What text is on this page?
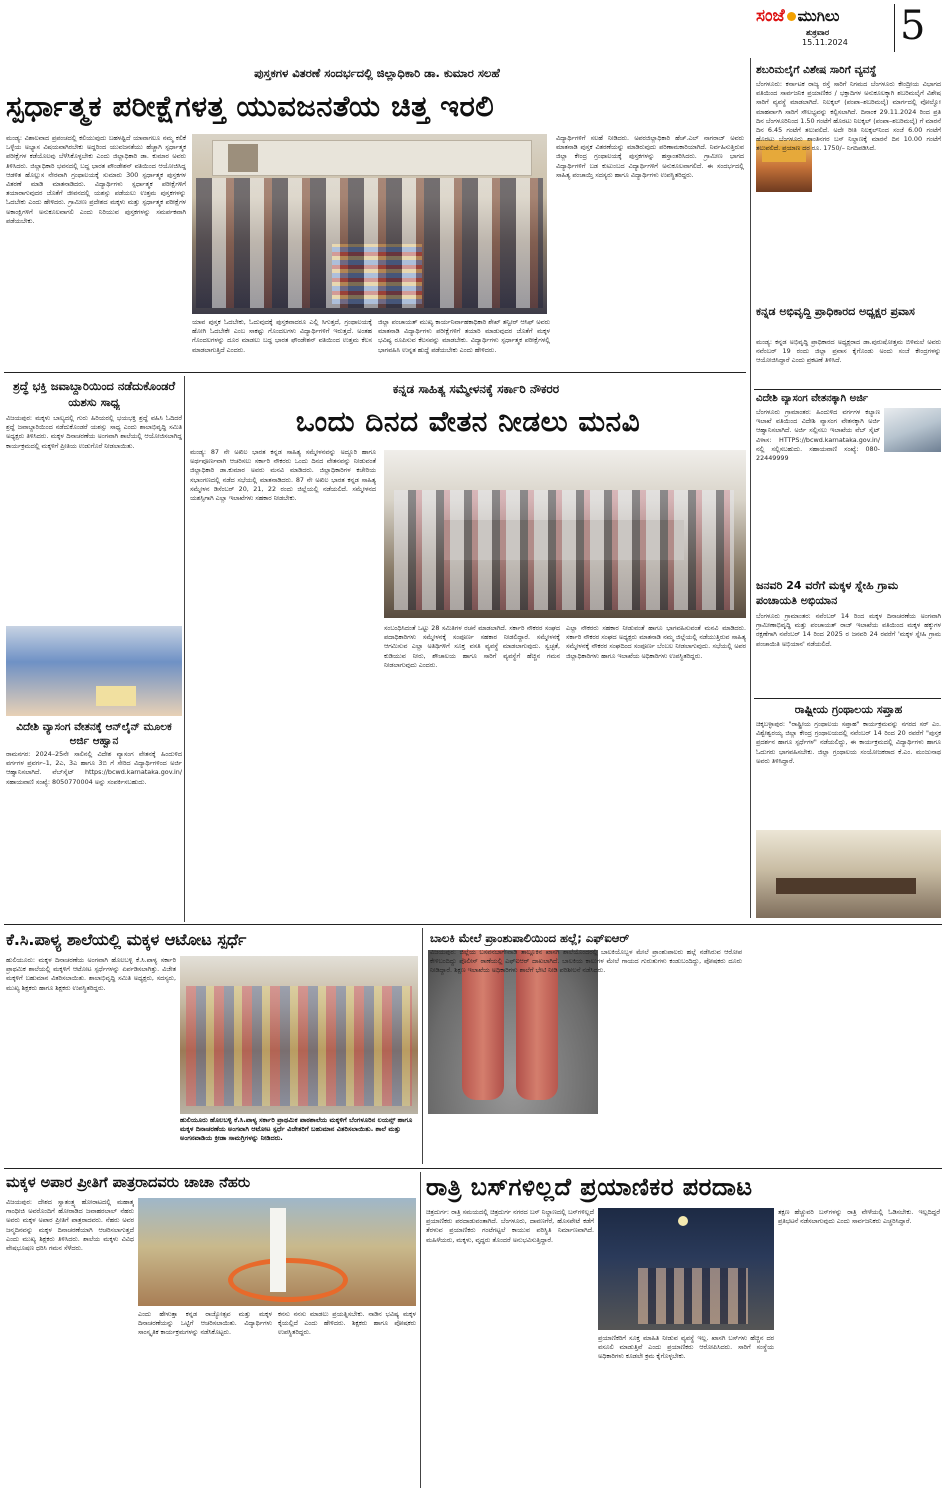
ಸಂಜೆ ಮುಗಿಲು
ಶುಕ್ರವಾರ
15.11.2024 5
ಪುಸ್ತಕಗಳ ವಿತರಣೆ ಸಂದರ್ಭದಲ್ಲಿ ಜಿಲ್ಲಾಧಿಕಾರಿ ಡಾ. ಕುಮಾರ ಸಲಹೆ
ಸ್ಪರ್ಧಾತ್ಮಕ ಪರೀಕ್ಷೆಗಳತ್ತ ಯುವಜನತೆಯ ಚಿತ್ತ ಇರಲಿ
ಮಂಡ್ಯ: ವಿಶಾಲವಾದ ಪ್ರಪಂಚದಲ್ಲಿ ಕಲಿಯುವುದು ಬಹಳಷ್ಟಿದೆ ಯಾವಾಗಲೂ ನಮ್ಮ ಕಲಿಕೆ ಒಳ್ಳೆಯ ಅಭ್ಯಾಸ ವಿಷಯವಾಗಿರಬೇಕು ಅದ್ದರಿಂದ ಯುವಜನತೆಯು ಹೆಚ್ಚಾಗಿ ಸ್ಪರ್ಧಾತ್ಮಕ ಪರೀಕ್ಷೆಗಳ ಕಡೆಯೊಲವು ಬೆಳೆಸಿಕೊಳ್ಳಬೇಕು ಎಂದು ಜಿಲ್ಲಾಧಿಕಾರಿ ಡಾ. ಕುಮಾರ ಅವರು ತಿಳಿಸಿದರು. ಜಿಲ್ಲಾಧಿಕಾರಿ ಭವನದಲ್ಲಿ ಬದ್ಧ ಭಾರತ ಪೌಂಡೇಶನ್ ವತಿಯಿಂದ ಆಯೋಜಿಸಿದ್ದ ಆಡಳಿತ ಹೊಲ್ಲುಸ ನೇರವಾಗಿ ಗ್ರಂಥಾಲಯಕ್ಕೆ ಸುಮಾರು 300 ಸ್ಪರ್ಧಾತ್ಮಕ ಪುಸ್ತಕಗಳ ವಿತರಣೆ ಮಾಡಿ ಮಾತನಾಡಿದರು. ವಿದ್ಯಾರ್ಥಿಗಳು ಸ್ಪರ್ಧಾತ್ಮಕ ಪರೀಕ್ಷೆಗಳಿಗೆ ತಯಾರಾಗುವುದರ ಜೊತೆಗೆ ಜೀವನದಲ್ಲಿ ಯಶಸ್ಸು ಪಡೆಯಲು ಉತ್ತಮ ಪುಸ್ತಕಗಳನ್ನು ಓದಬೇಕು ಎಂದು ಹೇಳಿದರು. ಗ್ರಾಮೀಣ ಪ್ರದೇಶದ ಮಕ್ಕಳು ಮತ್ತು ಸ್ಪರ್ಧಾತ್ಮಕ ಪರೀಕ್ಷೆಗಳ ಅಕಾಂಕ್ಷಿಗಳಿಗೆ ಅನುಕೂಲವಾಗಲಿ ಎಂದು ನಿರಿಯುವ ಪುಸ್ತಕಗಳನ್ನು ಸಮರ್ಪಕವಾಗಿ ಪಡೆಯಬೇಕು.
ಯಾವ ಪುಸ್ತಕ ಓದಬೇಕು, ಓದುವುದಕ್ಕೆ ಪುಸ್ತಕವಾದರೂ ಎಲ್ಲಿ ಸಿಗುತ್ತದೆ, ಗ್ರಂಥಾಲಯಕ್ಕೆ ಹೋಗಿ ಓದಬೇಕೇ ಎಂಬ ಸಾಕಷ್ಟು ಗೊಂದಲಗಳು ವಿದ್ಯಾರ್ಥಿಗಳಿಗೆ ಇರುತ್ತದೆ. ಅಂತಹ ಗೊಂದಲಗಳನ್ನು ದೂರ ಮಾಡಲು ಬದ್ಧ ಭಾರತ ಫೌಂಡೇಶನ್ ವತಿಯಿಂದ ಉತ್ತಮ ಕೆಲಸ ಮಾಡಲಾಗುತ್ತಿದೆ ಎಂದರು.
ಜಿಲ್ಲಾ ಪಂಚಾಯತ್ ಮುಖ್ಯ ಕಾರ್ಯನಿರ್ವಾಹಕಾಧಿಕಾರಿ ಶೇಖ್ ತನ್ವೀರ್ ಆಸಿಫ್ ಅವರು ಮಾತನಾಡಿ ವಿದ್ಯಾರ್ಥಿಗಳು ಪರೀಕ್ಷೆಗಳಿಗೆ ತಯಾರಿ ಮಾಡುವುದರ ಜೊತೆಗೆ ಮಕ್ಕಳ ಭವಿಷ್ಯ ರೂಪಿಸುವ ಕೆಲಸವನ್ನು ಮಾಡಬೇಕು. ವಿದ್ಯಾರ್ಥಿಗಳು ಸ್ಪರ್ಧಾತ್ಮಕ ಪರೀಕ್ಷೆಗಳಲ್ಲಿ ಭಾಗವಹಿಸಿ ಉನ್ನತ ಹುದ್ದೆ ಪಡೆಯಬೇಕು ಎಂದು ಹೇಳಿದರು.
ವಿದ್ಯಾರ್ಥಿಗಳಿಗೆ ಸಲಹೆ ನೀಡಿದರು. ಅಪರಜಿಲ್ಲಾಧಿಕಾರಿ ಹೆಚ್.ಎಲ್ ನಾಗರಾಜ್ ಅವರು ಮಾತನಾಡಿ ಪುಸ್ತಕ ವಿತರಣೆಯನ್ನು ಮಾಡಿರುವುದು ಪರಿಣಾಮಕಾರಿಯಾಗಿದೆ. ನಿರ್ವಹಿಸುತ್ತಿರುವ ಜಿಲ್ಲಾ ಕೇಂದ್ರ ಗ್ರಂಥಾಲಯಕ್ಕೆ ಪುಸ್ತಕಗಳನ್ನು ಹಸ್ತಾಂತರಿಸಿದರು. ಗ್ರಾಮೀಣ ಭಾಗದ ವಿದ್ಯಾರ್ಥಿಗಳಿಗೆ ಬಡ ಕುಟುಂಬದ ವಿದ್ಯಾರ್ಥಿಗಳಿಗೆ ಅನುಕೂಲವಾಗಲಿದೆ. ಈ ಸಂದರ್ಭದಲ್ಲಿ ಸಾಹಿತ್ಯ ಪಂಚಾಯ್ತಿ ಸದಸ್ಯರು ಹಾಗೂ ವಿದ್ಯಾರ್ಥಿಗಳು ಉಪಸ್ಥಿತರಿದ್ದರು.
ಶಬರಿಮಲೈಗೆ ವಿಶೇಷ ಸಾರಿಗೆ ವ್ಯವಸ್ಥೆ
ಬೆಂಗಳೂರು: ಕರ್ನಾಟಕ ರಾಜ್ಯ ರಸ್ತೆ ಸಾರಿಗೆ ನಿಗಮದ ಬೆಂಗಳೂರು ಕೇಂದ್ರೀಯ ವಿಭಾಗದ ವತಿಯಿಂದ ಸಾರ್ವಜನಿಕ ಪ್ರಯಾಣಿಕರ / ಭಕ್ತಾದಿಗಳ ಅನುಕೂಲಕ್ಕಾಗಿ ಶಬರಿಮಲೈಗೆ ವಿಶೇಷ ಸಾರಿಗೆ ವ್ಯವಸ್ಥೆ ಮಾಡಲಾಗಿದೆ. ನಿಲಕ್ಕಲ್ (ಪಂಪಾ–ಶಬರಿಮಲೈ) ಮಾರ್ಗದಲ್ಲಿ ವೋಲ್ವೋ ಮಾಹರ್ವಾಗಿ ಸಾರಿಗೆ ಸೌಲಭ್ಯವನ್ನು ಕಲ್ಪಿಸಲಾಗಿದೆ. ದಿನಾಂಕ 29.11.2024 ರಿಂದ ಪ್ರತಿ ದಿನ ಬೆಂಗಳೂರಿನಿಂದ 1.50 ಗಂಟೆಗೆ ಹೊರಟು ನಿಲಕ್ಕಲ್ (ಪಂಪಾ–ಶಬರಿಮಲೈ) ಗೆ ಮಾರನೆ ದಿನ 6.45 ಗಂಟೆಗೆ ತಲುಪಲಿದೆ. ಅದೇ ರೀತಿ ನಿಲಕ್ಕಲ್‌ನಿಂದ ಸಂಜೆ 6.00 ಗಂಟೆಗೆ ಹೊರಟು ಬೆಂಗಳೂರು ಶಾಂತಿನಗರ ಬಸ್ ನಿಲ್ದಾಣಕ್ಕೆ ಮಾರನೆ ದಿನ 10.00 ಗಂಟೆಗೆ ತಲುಪಲಿದೆ. ಪ್ರಯಾಣ ದರ ರೂ. 1750/– ನಿಗದಿಪಡಿಸಿದೆ.
ಕನ್ನಡ ಅಭಿವೃದ್ಧಿ ಪ್ರಾಧಿಕಾರದ ಅಧ್ಯಕ್ಷರ ಪ್ರವಾಸ
ಮಂಡ್ಯ: ಕನ್ನಡ ಅಭಿವೃದ್ಧಿ ಪ್ರಾಧಿಕಾರದ ಅಧ್ಯಕ್ಷರಾದ ಡಾ.ಪುರುಷೋತ್ತಮ ಬಿಳಿಮಲೆ ಅವರು ನವೆಂಬರ್ 19 ರಂದು ಜಿಲ್ಲಾ ಪ್ರವಾಸ ಕೈಗೊಂಡು ಅಂದು ಸಂಜೆ ಕೇಂದ್ರಗಳನ್ನು ಆಯೋಜಿಸಿದ್ದಾರೆ ಎಂದು ಪ್ರಕಟಣೆ ತಿಳಿಸಿದೆ.
ವಿದೇಶಿ ವ್ಯಾಸಂಗ ವೇತನಕ್ಕಾಗಿ ಅರ್ಜಿ
ಬೆಂಗಳೂರು ಗ್ರಾಮಾಂತರ: ಹಿಂದುಳಿದ ವರ್ಗಗಳ ಕಲ್ಯಾಣ ಇಲಾಖೆ ವತಿಯಿಂದ ವಿದೇಶಿ ವ್ಯಾಸಂಗ ವೇತನಕ್ಕಾಗಿ ಅರ್ಜಿ ಆಹ್ವಾನಿಸಲಾಗಿದೆ. ಅರ್ಜಿ ಸಲ್ಲಿಸಲು ಇಲಾಖೆಯ ವೆಬ್ ಸೈಟ್ ವಿಳಾಸ: HTTPS://bcwd.karnataka.gov.in/ ನಲ್ಲಿ ಸಲ್ಲಿಸಬಹುದು. ಸಹಾಯವಾಣಿ ಸಂಖ್ಯೆ: 080-22449999
ಜನವರಿ 24 ವರೆಗೆ ಮಕ್ಕಳ ಸ್ನೇಹಿ ಗ್ರಾಮ ಪಂಚಾಯತಿ ಅಭಿಯಾನ
ಬೆಂಗಳೂರು ಗ್ರಾಮಾಂತರ: ನವೆಂಬರ್ 14 ರಿಂದ ಮಕ್ಕಳ ದಿನಾಚರಣೆಯ ಅಂಗವಾಗಿ ಗ್ರಾಮೀಣಾಭಿವೃದ್ಧಿ ಮತ್ತು ಪಂಚಾಯತ್ ರಾಜ್ ಇಲಾಖೆಯ ವತಿಯಿಂದ ಮಕ್ಕಳ ಹಕ್ಕುಗಳ ರಕ್ಷಣೆಗಾಗಿ ನವೆಂಬರ್ 14 ರಿಂದ 2025 ರ ಜನವರಿ 24 ರವರೆಗೆ 'ಮಕ್ಕಳ ಸ್ನೇಹಿ ಗ್ರಾಮ ಪಂಚಾಯಿತಿ ಅಭಿಯಾನ' ನಡೆಯಲಿದೆ.
ರಾಷ್ಟ್ರೀಯ ಗ್ರಂಥಾಲಯ ಸಪ್ತಾಹ
ಚಿಕ್ಕಬಳ್ಳಾಪುರ: "ರಾಷ್ಟ್ರೀಯ ಗ್ರಂಥಾಲಯ ಸಪ್ತಾಹ" ಕಾರ್ಯಕ್ರಮವನ್ನು ನಗರದ ಸರ್ ಎಂ. ವಿಶ್ವೇಶ್ವರಯ್ಯ ಜಿಲ್ಲಾ ಕೇಂದ್ರ ಗ್ರಂಥಾಲಯದಲ್ಲಿ ನವೆಂಬರ್ 14 ರಿಂದ 20 ರವರೆಗೆ "ಪುಸ್ತಕ ಪ್ರದರ್ಶನ ಹಾಗೂ ಸ್ಪರ್ಧೆಗಳ" ನಡೆಯಲಿದ್ದು, ಈ ಕಾರ್ಯಕ್ರಮದಲ್ಲಿ ವಿದ್ಯಾರ್ಥಿಗಳು ಹಾಗೂ ಓದುಗರು ಭಾಗವಹಿಸಬೇಕು. ಜಿಲ್ಲಾ ಗ್ರಂಥಾಲಯ ಸಂಯೋಜಕರಾದ ಕೆ.ಎಂ. ಮಂಜುನಾಥ ಅವರು ತಿಳಿಸಿದ್ದಾರೆ.
ಶ್ರದ್ಧೆ ಭಕ್ತಿ ಜವಾಬ್ದಾರಿಯಿಂದ ನಡೆದುಕೊಂಡರೆ ಯಶಸು ಸಾಧ್ಯ
ವಿಜಯಪುರ: ಮಕ್ಕಳು ಬಾಲ್ಯದಲ್ಲಿ ಗುರು ಹಿರಿಯರಲ್ಲಿ ಭಯಭಕ್ತಿ ಶ್ರದ್ಧೆ ವಹಿಸಿ ಓದಿದರೆ ಶ್ರದ್ಧೆ ಜವಾಬ್ದಾರಿಯಿಂದ ನಡೆದುಕೊಂಡರೆ ಯಶಸ್ಸು ಸಾಧ್ಯ ಎಂದು ಶಾಲಾಭಿವೃದ್ಧಿ ಸಮಿತಿ ಅಧ್ಯಕ್ಷರು ತಿಳಿಸಿದರು. ಮಕ್ಕಳ ದಿನಾಚರಣೆಯ ಅಂಗವಾಗಿ ಶಾಲೆಯಲ್ಲಿ ಆಯೋಜಿಸಲಾಗಿದ್ದ ಕಾರ್ಯಕ್ರಮದಲ್ಲಿ ಮಕ್ಕಳಿಗೆ ಪ್ರೀತಿಯ ಉಡುಗೊರೆ ನೀಡಲಾಯಿತು.
ವಿದೇಶಿ ವ್ಯಾಸಂಗ ವೇತನಕ್ಕೆ ಆನ್‌ಲೈನ್ ಮೂಲಕ ಅರ್ಜಿ ಆಹ್ವಾನ
ರಾಮನಗರ: 2024–25ನೇ ಸಾಲಿನಲ್ಲಿ ವಿದೇಶ ವ್ಯಾಸಂಗ ವೇತನಕ್ಕೆ ಹಿಂದುಳಿದ ವರ್ಗಗಳ ಪ್ರವರ್ಗ–1, 2ಎ, 3ಎ ಹಾಗೂ 3ಬಿ ಗೆ ಸೇರಿದ ವಿದ್ಯಾರ್ಥಿಗಳಿಂದ ಅರ್ಜಿ ಆಹ್ವಾನಿಸಲಾಗಿದೆ. ವೆಬ್‌ಸೈಟ್ https://bcwd.karnataka.gov.in/ ಸಹಾಯವಾಣಿ ಸಂಖ್ಯೆ: 8050770004 ಅನ್ನು ಸಂಪರ್ಕಿಸಬಹುದು.
ಕನ್ನಡ ಸಾಹಿತ್ಯ ಸಮ್ಮೇಳನಕ್ಕೆ ಸರ್ಕಾರಿ ನೌಕರರ
ಒಂದು ದಿನದ ವೇತನ ನೀಡಲು ಮನವಿ
ಮಂಡ್ಯ: 87 ನೇ ಅಖಿಲ ಭಾರತ ಕನ್ನಡ ಸಾಹಿತ್ಯ ಸಮ್ಮೇಳನವನ್ನು ಅದ್ದೂರಿ ಹಾಗೂ ಅರ್ಥಪೂರ್ಣವಾಗಿ ಆಚರಿಸಲು ಸರ್ಕಾರಿ ನೌಕರರು ಒಂದು ದಿನದ ವೇತನವನ್ನು ನೀಡುವಂತೆ ಜಿಲ್ಲಾಧಿಕಾರಿ ಡಾ.ಕುಮಾರ ಅವರು ಮನವಿ ಮಾಡಿದರು. ಜಿಲ್ಲಾಧಿಕಾರಿಗಳ ಕಚೇರಿಯ ಸಭಾಂಗಣದಲ್ಲಿ ನಡೆದ ಸಭೆಯಲ್ಲಿ ಮಾತನಾಡಿದರು. 87 ನೇ ಅಖಿಲ ಭಾರತ ಕನ್ನಡ ಸಾಹಿತ್ಯ ಸಮ್ಮೇಳನ ಡಿಸೆಂಬರ್ 20, 21, 22 ರಂದು ಜಿಲ್ಲೆಯಲ್ಲಿ ನಡೆಯಲಿದೆ. ಸಮ್ಮೇಳನದ ಯಶಸ್ಸಿಗಾಗಿ ಎಲ್ಲಾ ಇಲಾಖೆಗಳು ಸಹಕಾರ ನೀಡಬೇಕು.
ಸಂಬಂಧಿಸಿದಂತೆ ಒಟ್ಟು 28 ಸಮಿತಿಗಳ ರಚನೆ ಮಾಡಲಾಗಿದೆ. ಸರ್ಕಾರಿ ನೌಕರರ ಸಂಘದ ಪದಾಧಿಕಾರಿಗಳು ಸಮ್ಮೇಳನಕ್ಕೆ ಸಂಪೂರ್ಣ ಸಹಕಾರ ನೀಡಲಿದ್ದಾರೆ. ಸಮ್ಮೇಳನಕ್ಕೆ ಆಗಮಿಸುವ ಎಲ್ಲಾ ಅತಿಥಿಗಳಿಗೆ ಸೂಕ್ತ ವಸತಿ ವ್ಯವಸ್ಥೆ ಮಾಡಲಾಗುವುದು. ಸ್ವಚ್ಛತೆ, ಕುಡಿಯುವ ನೀರು, ಶೌಚಾಲಯ ಹಾಗೂ ಸಾರಿಗೆ ವ್ಯವಸ್ಥೆಗೆ ಹೆಚ್ಚಿನ ಗಮನ ನೀಡಲಾಗುವುದು ಎಂದರು.
ಎಲ್ಲಾ ನೌಕರರು ಸಹಕಾರ ನೀಡುವಂತೆ ಹಾಗೂ ಭಾಗವಹಿಸುವಂತೆ ಮನವಿ ಮಾಡಿದರು. ಸರ್ಕಾರಿ ನೌಕರರ ಸಂಘದ ಅಧ್ಯಕ್ಷರು ಮಾತನಾಡಿ ನಮ್ಮ ಜಿಲ್ಲೆಯಲ್ಲಿ ನಡೆಯುತ್ತಿರುವ ಸಾಹಿತ್ಯ ಸಮ್ಮೇಳನಕ್ಕೆ ನೌಕರರ ಸಂಘದಿಂದ ಸಂಪೂರ್ಣ ಬೆಂಬಲ ನೀಡಲಾಗುವುದು. ಸಭೆಯಲ್ಲಿ ಅಪರ ಜಿಲ್ಲಾಧಿಕಾರಿಗಳು ಹಾಗೂ ಇಲಾಖೆಯ ಅಧಿಕಾರಿಗಳು ಉಪಸ್ಥಿತರಿದ್ದರು.
ಕೆ.ಸಿ.ಪಾಳ್ಯ ಶಾಲೆಯಲ್ಲಿ ಮಕ್ಕಳ ಆಟೋಟ ಸ್ಪರ್ಧೆ
ಹುಲಿಯೂರು: ಮಕ್ಕಳ ದಿನಾಚರಣೆಯ ಅಂಗವಾಗಿ ಹೊಲಬಳ್ಳಿ ಕೆ.ಸಿ.ಪಾಳ್ಯ ಸರ್ಕಾರಿ ಪ್ರಾಥಮಿಕ ಶಾಲೆಯಲ್ಲಿ ಮಕ್ಕಳಿಗೆ ಆಟೋಟ ಸ್ಪರ್ಧೆಗಳನ್ನು ಏರ್ಪಡಿಸಲಾಗಿತ್ತು. ವಿಜೇತ ಮಕ್ಕಳಿಗೆ ಬಹುಮಾನ ವಿತರಿಸಲಾಯಿತು. ಶಾಲಾಭಿವೃದ್ಧಿ ಸಮಿತಿ ಅಧ್ಯಕ್ಷರು, ಸದಸ್ಯರು, ಮುಖ್ಯ ಶಿಕ್ಷಕರು ಹಾಗೂ ಶಿಕ್ಷಕರು ಉಪಸ್ಥಿತರಿದ್ದರು.
ಹುಲಿಯೂರು ಹೊಲಬಳ್ಳಿ ಕೆ.ಸಿ.ಪಾಳ್ಯ ಸರ್ಕಾರಿ ಪ್ರಾಥಮಿಕ ಪಾಠಶಾಲೆಯ ಮಕ್ಕಳಿಗೆ ಬೆಂಗಳೂರಿನ ಲಯನ್ಸ್ ಹಾಗೂ ಮಕ್ಕಳ ದಿನಾಚರಣೆಯ ಅಂಗವಾಗಿ ಆಟೋಟ ಸ್ಪರ್ಧೆ ವಿಜೇತರಿಗೆ ಬಹುಮಾನ ವಿತರಿಸಲಾಯಿತು. ಶಾಲೆ ಮತ್ತು ಅಂಗನವಾಡಿಯ ಕ್ರೀಡಾ ಸಾಮಗ್ರಿಗಳನ್ನು ನೀಡಿದರು.
ಬಾಲಕಿ ಮೇಲೆ ಪ್ರಾಂಶುಪಾಲಿಯಿಂದ ಹಲ್ಲೆ; ಎಫ್‌ಐಆರ್
ವಿಜಯಪುರ: ಜಿಲ್ಲೆಯ ಬಸವನಬಾಗೇವಾಡಿ ತಾಲ್ಲೂಕಿನ ಖಾಸಗಿ ಶಾಲೆಯೊಂದರಲ್ಲಿ ಬಾಲಕಿಯೊಬ್ಬಳ ಮೇಲೆ ಪ್ರಾಂಶುಪಾಲರು ಹಲ್ಲೆ ನಡೆಸಿರುವ ಆರೋಪ ಕೇಳಿಬಂದಿದ್ದು ಪೊಲೀಸ್ ಠಾಣೆಯಲ್ಲಿ ಎಫ್‌ಐಆರ್ ದಾಖಲಾಗಿದೆ. ಬಾಲಕಿಯ ಕಾಲುಗಳ ಮೇಲೆ ಗಾಯದ ಗುರುತುಗಳು ಕಂಡುಬಂದಿದ್ದು, ಪೋಷಕರು ದೂರು ನೀಡಿದ್ದಾರೆ. ಶಿಕ್ಷಣ ಇಲಾಖೆಯ ಅಧಿಕಾರಿಗಳು ಶಾಲೆಗೆ ಭೇಟಿ ನೀಡಿ ಪರಿಶೀಲನೆ ನಡೆಸಿದರು.
ಮಕ್ಕಳ ಅಪಾರ ಪ್ರೀತಿಗೆ ಪಾತ್ರರಾದವರು ಚಾಚಾ ನೆಹರು
ವಿಜಯಪುರ: ದೇಶದ ಸ್ವಾತಂತ್ರ್ಯ ಹೋರಾಟದಲ್ಲಿ ಮಹಾತ್ಮ ಗಾಂಧೀಜಿ ಅವರೊಂದಿಗೆ ಹೋರಾಡಿದ ಜವಾಹರಲಾಲ್ ನೆಹರು ಅವರು ಮಕ್ಕಳ ಅಪಾರ ಪ್ರೀತಿಗೆ ಪಾತ್ರರಾದವರು. ನೆಹರು ಅವರ ಜನ್ಮದಿನವನ್ನು ಮಕ್ಕಳ ದಿನಾಚರಣೆಯಾಗಿ ಆಚರಿಸಲಾಗುತ್ತದೆ ಎಂದು ಮುಖ್ಯ ಶಿಕ್ಷಕರು ತಿಳಿಸಿದರು. ಶಾಲೆಯ ಮಕ್ಕಳು ವಿವಿಧ ವೇಷಭೂಷಣ ಧರಿಸಿ ಗಮನ ಸೆಳೆದರು.
ಎಂದು ಹೇಳುತ್ತಾ ಕನ್ನಡ ರಾಜ್ಯೋತ್ಸವ ಮತ್ತು ಮಕ್ಕಳ ದಿನಾಚರಣೆಯನ್ನು ಒಟ್ಟಿಗೆ ಆಚರಿಸಲಾಯಿತು. ವಿದ್ಯಾರ್ಥಿಗಳು ಸಾಂಸ್ಕೃತಿಕ ಕಾರ್ಯಕ್ರಮಗಳನ್ನು ನಡೆಸಿಕೊಟ್ಟರು.
ಕನಸು ನನಸು ಮಾಡಲು ಪ್ರಯತ್ನಿಸಬೇಕು. ನಾಡಿನ ಭವಿಷ್ಯ ಮಕ್ಕಳ ಕೈಯಲ್ಲಿದೆ ಎಂದು ಹೇಳಿದರು. ಶಿಕ್ಷಕರು ಹಾಗೂ ಪೋಷಕರು ಉಪಸ್ಥಿತರಿದ್ದರು.
ರಾತ್ರಿ ಬಸ್‌ಗಳಿಲ್ಲದೆ ಪ್ರಯಾಣಿಕರ ಪರದಾಟ
ಚಿತ್ರದುರ್ಗ: ರಾತ್ರಿ ಸಮಯದಲ್ಲಿ ಚಿತ್ರದುರ್ಗ ನಗರದ ಬಸ್ ನಿಲ್ದಾಣದಲ್ಲಿ ಬಸ್‌ಗಳಿಲ್ಲದೆ ಪ್ರಯಾಣಿಕರು ಪರದಾಡುವಂತಾಗಿದೆ. ಬೆಂಗಳೂರು, ದಾವಣಗೆರೆ, ಹೊಸಪೇಟೆ ಕಡೆಗೆ ತೆರಳುವ ಪ್ರಯಾಣಿಕರು ಗಂಟೆಗಟ್ಟಲೆ ಕಾಯುವ ಪರಿಸ್ಥಿತಿ ನಿರ್ಮಾಣವಾಗಿದೆ. ಮಹಿಳೆಯರು, ಮಕ್ಕಳು, ವೃದ್ಧರು ತೊಂದರೆ ಅನುಭವಿಸುತ್ತಿದ್ದಾರೆ.
ಪ್ರಯಾಣಿಕರಿಗೆ ಸೂಕ್ತ ಮಾಹಿತಿ ನೀಡುವ ವ್ಯವಸ್ಥೆ ಇಲ್ಲ. ಖಾಸಗಿ ಬಸ್‌ಗಳು ಹೆಚ್ಚಿನ ದರ ವಸೂಲಿ ಮಾಡುತ್ತಿವೆ ಎಂದು ಪ್ರಯಾಣಿಕರು ಆರೋಪಿಸಿದರು. ಸಾರಿಗೆ ಸಂಸ್ಥೆಯ ಅಧಿಕಾರಿಗಳು ಕೂಡಲೇ ಕ್ರಮ ಕೈಗೊಳ್ಳಬೇಕು.
ತಕ್ಷಣ ಹೆಚ್ಚುವರಿ ಬಸ್‌ಗಳನ್ನು ರಾತ್ರಿ ವೇಳೆಯಲ್ಲಿ ಓಡಿಸಬೇಕು. ಇಲ್ಲದಿದ್ದರೆ ಪ್ರತಿಭಟನೆ ನಡೆಸಲಾಗುವುದು ಎಂದು ಸಾರ್ವಜನಿಕರು ಎಚ್ಚರಿಸಿದ್ದಾರೆ.
